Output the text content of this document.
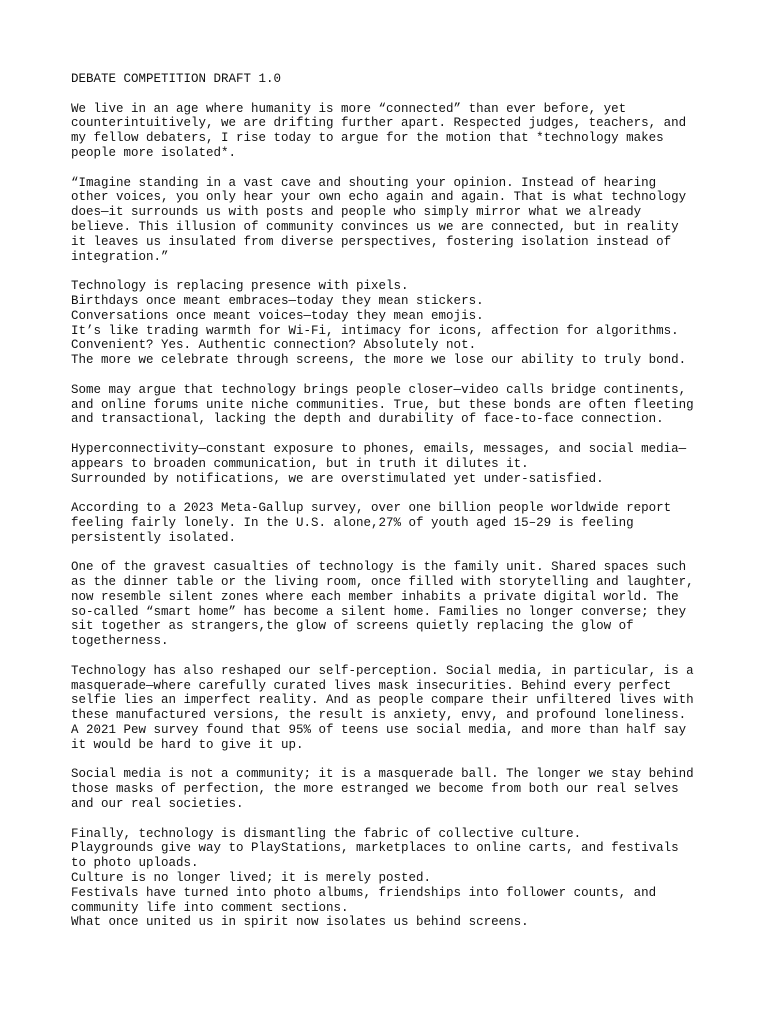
DEBATE COMPETITION DRAFT 1.0
We live in an age where humanity is more “connected” than ever before, yet
counterintuitively, we are drifting further apart. Respected judges, teachers, and
my fellow debaters, I rise today to argue for the motion that *technology makes
people more isolated*.
“Imagine standing in a vast cave and shouting your opinion. Instead of hearing
other voices, you only hear your own echo again and again. That is what technology
does—it surrounds us with posts and people who simply mirror what we already
believe. This illusion of community convinces us we are connected, but in reality
it leaves us insulated from diverse perspectives, fostering isolation instead of
integration.”
Technology is replacing presence with pixels.
Birthdays once meant embraces—today they mean stickers.
Conversations once meant voices—today they mean emojis.
It’s like trading warmth for Wi-Fi, intimacy for icons, affection for algorithms.
Convenient? Yes. Authentic connection? Absolutely not.
The more we celebrate through screens, the more we lose our ability to truly bond.
Some may argue that technology brings people closer—video calls bridge continents,
and online forums unite niche communities. True, but these bonds are often fleeting
and transactional, lacking the depth and durability of face-to-face connection.
Hyperconnectivity—constant exposure to phones, emails, messages, and social media—
appears to broaden communication, but in truth it dilutes it.
Surrounded by notifications, we are overstimulated yet under-satisfied.
According to a 2023 Meta-Gallup survey, over one billion people worldwide report
feeling fairly lonely. In the U.S. alone,27% of youth aged 15–29 is feeling
persistently isolated.
One of the gravest casualties of technology is the family unit. Shared spaces such
as the dinner table or the living room, once filled with storytelling and laughter,
now resemble silent zones where each member inhabits a private digital world. The
so-called “smart home” has become a silent home. Families no longer converse; they
sit together as strangers,the glow of screens quietly replacing the glow of
togetherness.
Technology has also reshaped our self-perception. Social media, in particular, is a
masquerade—where carefully curated lives mask insecurities. Behind every perfect
selfie lies an imperfect reality. And as people compare their unfiltered lives with
these manufactured versions, the result is anxiety, envy, and profound loneliness.
A 2021 Pew survey found that 95% of teens use social media, and more than half say
it would be hard to give it up.
Social media is not a community; it is a masquerade ball. The longer we stay behind
those masks of perfection, the more estranged we become from both our real selves
and our real societies.
Finally, technology is dismantling the fabric of collective culture.
Playgrounds give way to PlayStations, marketplaces to online carts, and festivals
to photo uploads.
Culture is no longer lived; it is merely posted.
Festivals have turned into photo albums, friendships into follower counts, and
community life into comment sections.
What once united us in spirit now isolates us behind screens.
